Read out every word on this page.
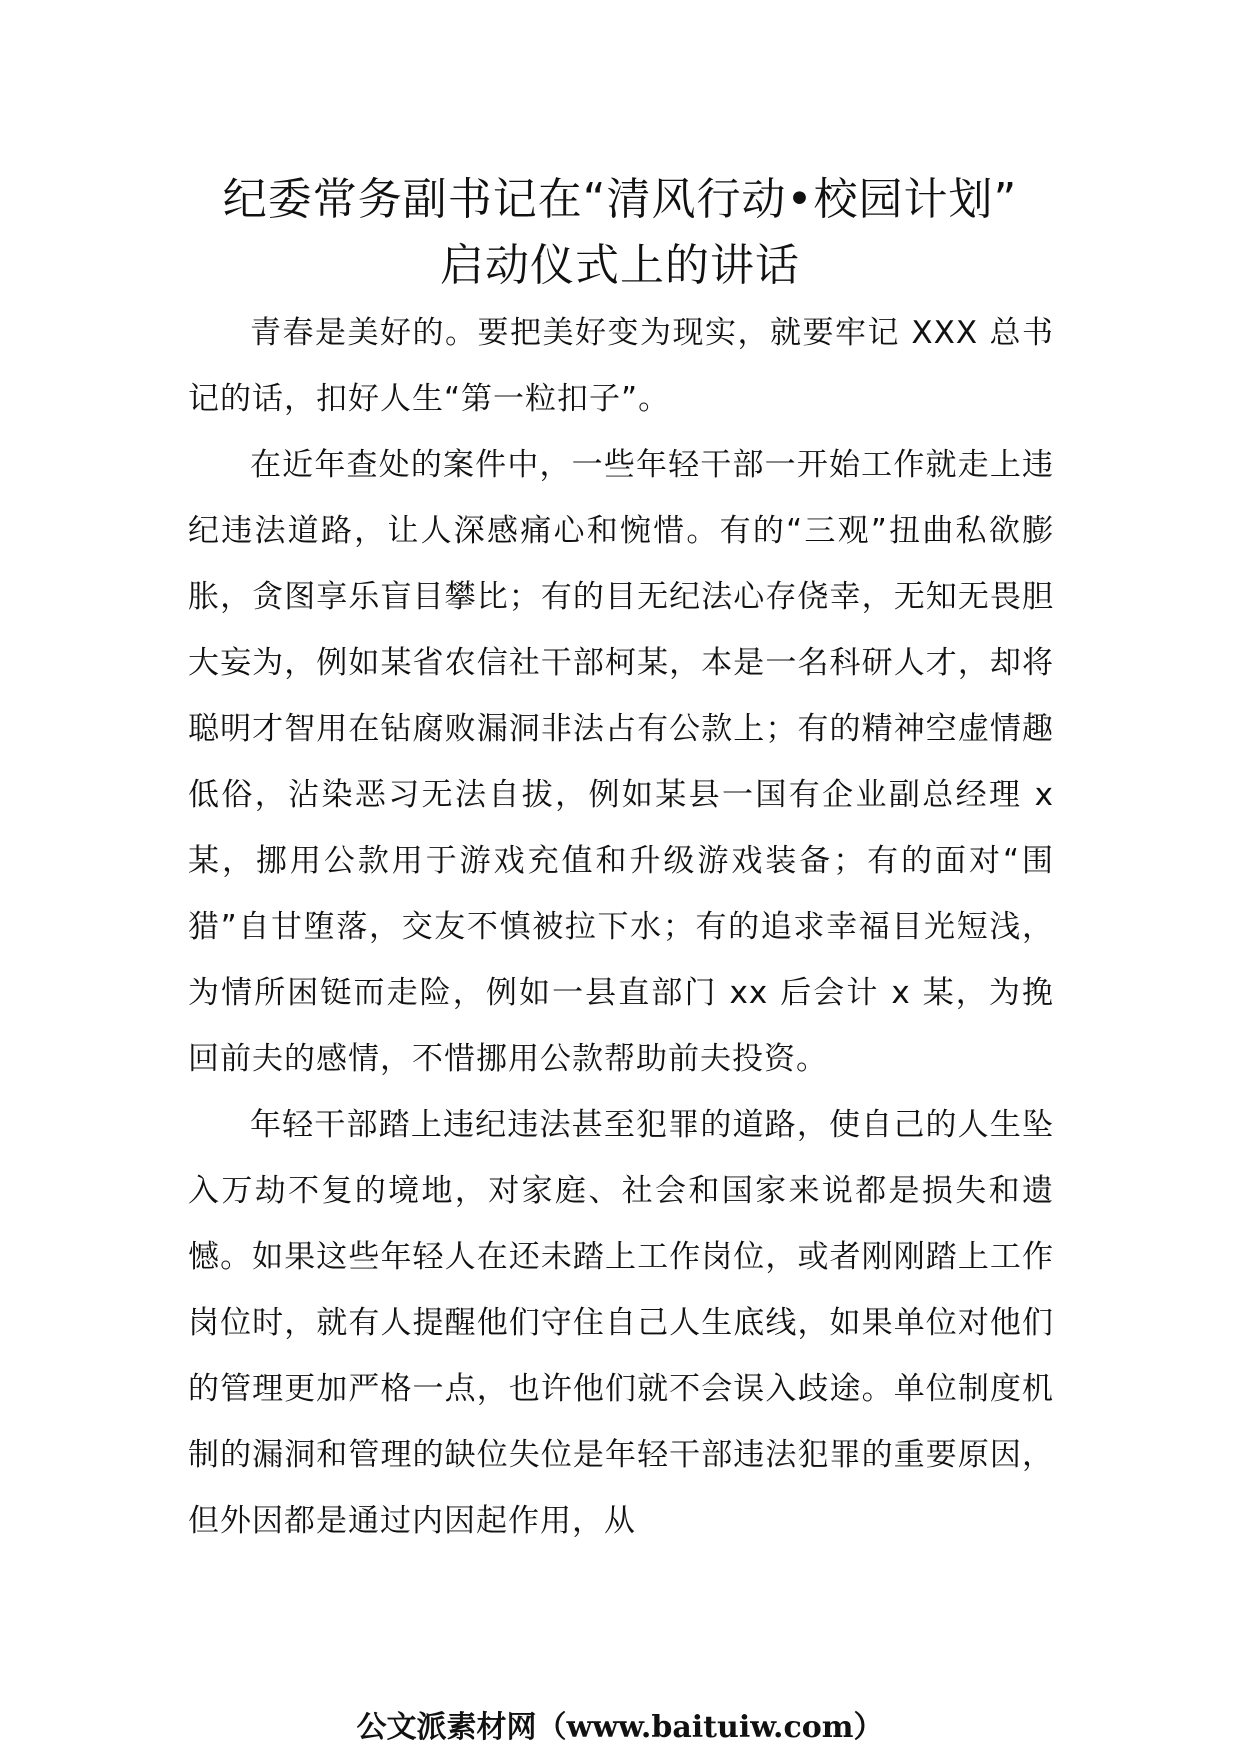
纪委常务副书记在“清风行动•校园计划”
启动仪式上的讲话

青春是美好的。要把美好变为现实，就要牢记 XXX 总书记的话，扣好人生“第一粒扣子”。

在近年查处的案件中，一些年轻干部一开始工作就走上违纪违法道路，让人深感痛心和惋惜。有的“三观”扭曲私欲膨胀，贪图享乐盲目攀比；有的目无纪法心存侥幸，无知无畏胆大妄为，例如某省农信社干部柯某，本是一名科研人才，却将聪明才智用在钻腐败漏洞非法占有公款上；有的精神空虚情趣低俗，沾染恶习无法自拔，例如某县一国有企业副总经理 x 某，挪用公款用于游戏充值和升级游戏装备；有的面对“围猎”自甘堕落，交友不慎被拉下水；有的追求幸福目光短浅，为情所困铤而走险，例如一县直部门 xx 后会计 x 某，为挽回前夫的感情，不惜挪用公款帮助前夫投资。

年轻干部踏上违纪违法甚至犯罪的道路，使自己的人生坠入万劫不复的境地，对家庭、社会和国家来说都是损失和遗憾。如果这些年轻人在还未踏上工作岗位，或者刚刚踏上工作岗位时，就有人提醒他们守住自己人生底线，如果单位对他们的管理更加严格一点，也许他们就不会误入歧途。单位制度机制的漏洞和管理的缺位失位是年轻干部违法犯罪的重要原因，但外因都是通过内因起作用，从

公文派素材网（www.baituiw.com）
